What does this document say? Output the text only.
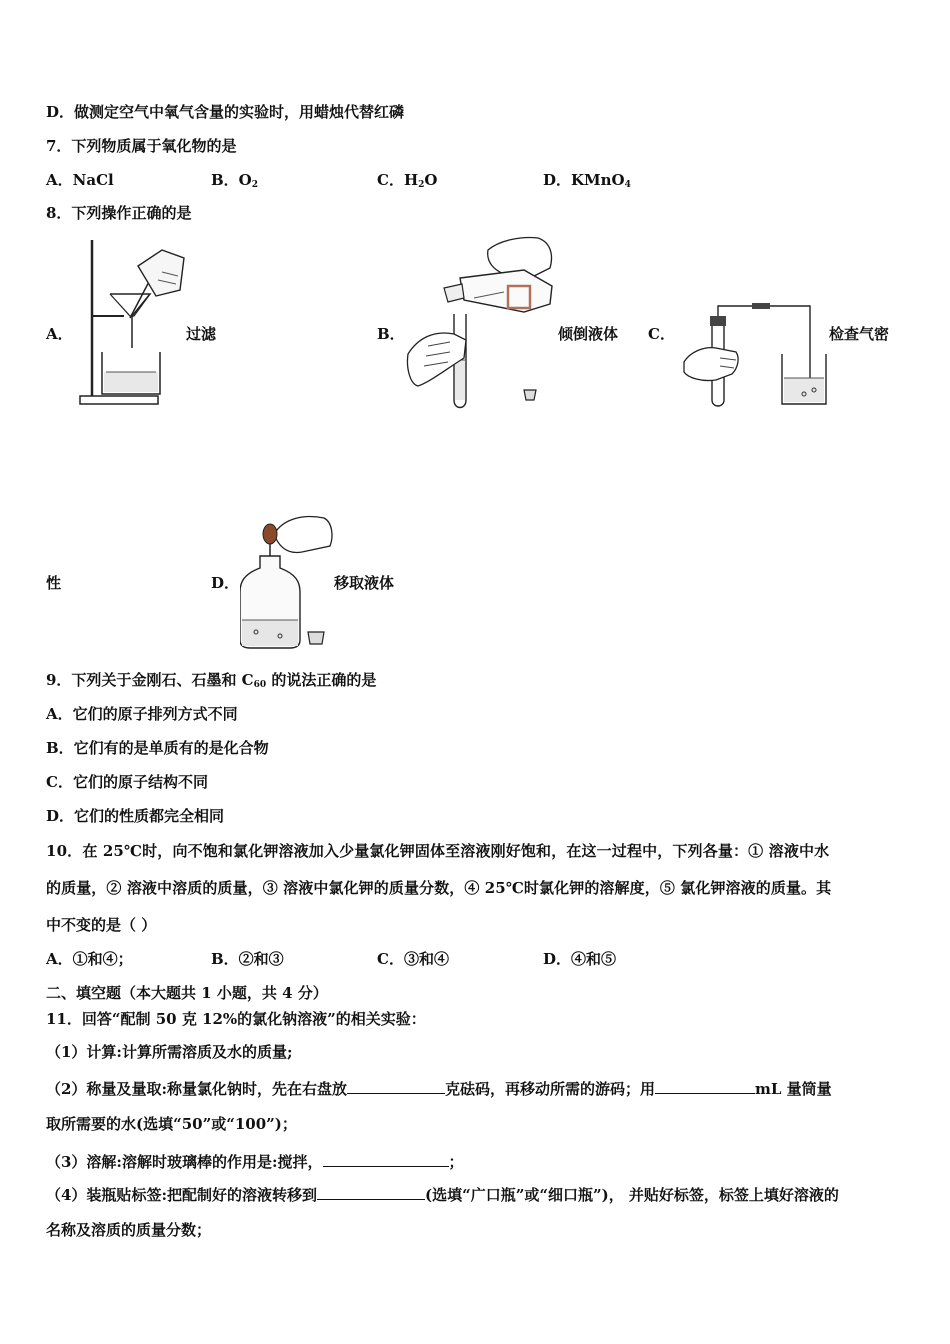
D．做测定空气中氧气含量的实验时，用蜡烛代替红磷
7．下列物质属于氧化物的是
A．NaCl	B．$O_2$	C．$H_2O$	D．KMnO$_4$
8．下列操作正确的是
A．	过滤	B．	倾倒液体 C．	检查气密
性	D．	移取液体
9．下列关于金刚石、石墨和 $C_{60}$ 的说法正确的是
A．它们的原子排列方式不同
B．它们有的是单质有的是化合物
C．它们的原子结构不同
D．它们的性质都完全相同
10．在 25℃时，向不饱和氯化钾溶液加入少量氯化钾固体至溶液刚好饱和，在这一过程中，下列各量：① 溶液中水
的质量，② 溶液中溶质的质量，③ 溶液中氯化钾的质量分数，④ 25℃时氯化钾的溶解度，⑤ 氯化钾溶液的质量。其
中不变的是（ ）
A．①和④；	B．②和③	C．③和④	D．④和⑤
二、填空题（本大题共 1 小题，共 4 分）
11．回答“配制 50 克 12%的氯化钠溶液”的相关实验：
（1）计算:计算所需溶质及水的质量;
（2）称量及量取:称量氯化钠时，先在右盘放	克砝码，再移动所需的游码；用	mL 量筒量
取所需要的水(选填“50”或“100”)；
（3）溶解:溶解时玻璃棒的作用是:搅拌，	；
（4）装瓶贴标签:把配制好的溶液转移到	(选填“广口瓶”或“细口瓶”)， 并贴好标签，标签上填好溶液的
名称及溶质的质量分数；
